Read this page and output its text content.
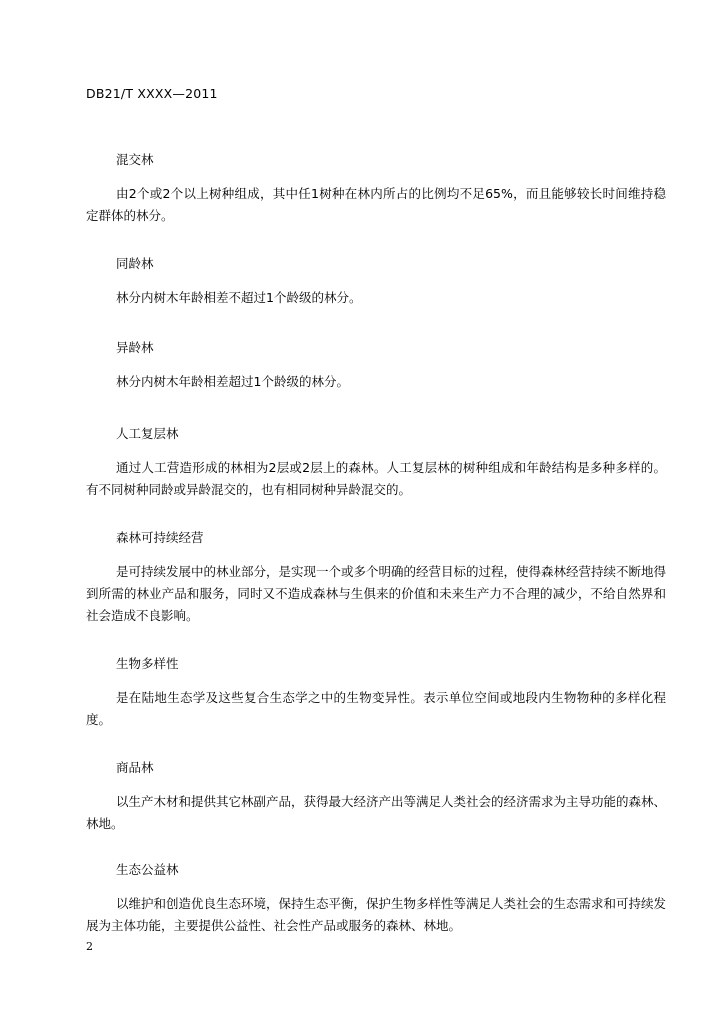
DB21/T XXXX—2011

混交林

由2个或2个以上树种组成，其中任1树种在林内所占的比例均不足65%，而且能够较长时间维持稳定群体的林分。

同龄林

林分内树木年龄相差不超过1个龄级的林分。

异龄林

林分内树木年龄相差超过1个龄级的林分。

人工复层林

通过人工营造形成的林相为2层或2层上的森林。人工复层林的树种组成和年龄结构是多种多样的。有不同树种同龄或异龄混交的，也有相同树种异龄混交的。

森林可持续经营

是可持续发展中的林业部分，是实现一个或多个明确的经营目标的过程，使得森林经营持续不断地得到所需的林业产品和服务，同时又不造成森林与生俱来的价值和未来生产力不合理的减少，不给自然界和社会造成不良影响。

生物多样性

是在陆地生态学及这些复合生态学之中的生物变异性。表示单位空间或地段内生物物种的多样化程度。

商品林

以生产木材和提供其它林副产品，获得最大经济产出等满足人类社会的经济需求为主导功能的森林、林地。

生态公益林

以维护和创造优良生态环境，保持生态平衡，保护生物多样性等满足人类社会的生态需求和可持续发展为主体功能，主要提供公益性、社会性产品或服务的森林、林地。

2
